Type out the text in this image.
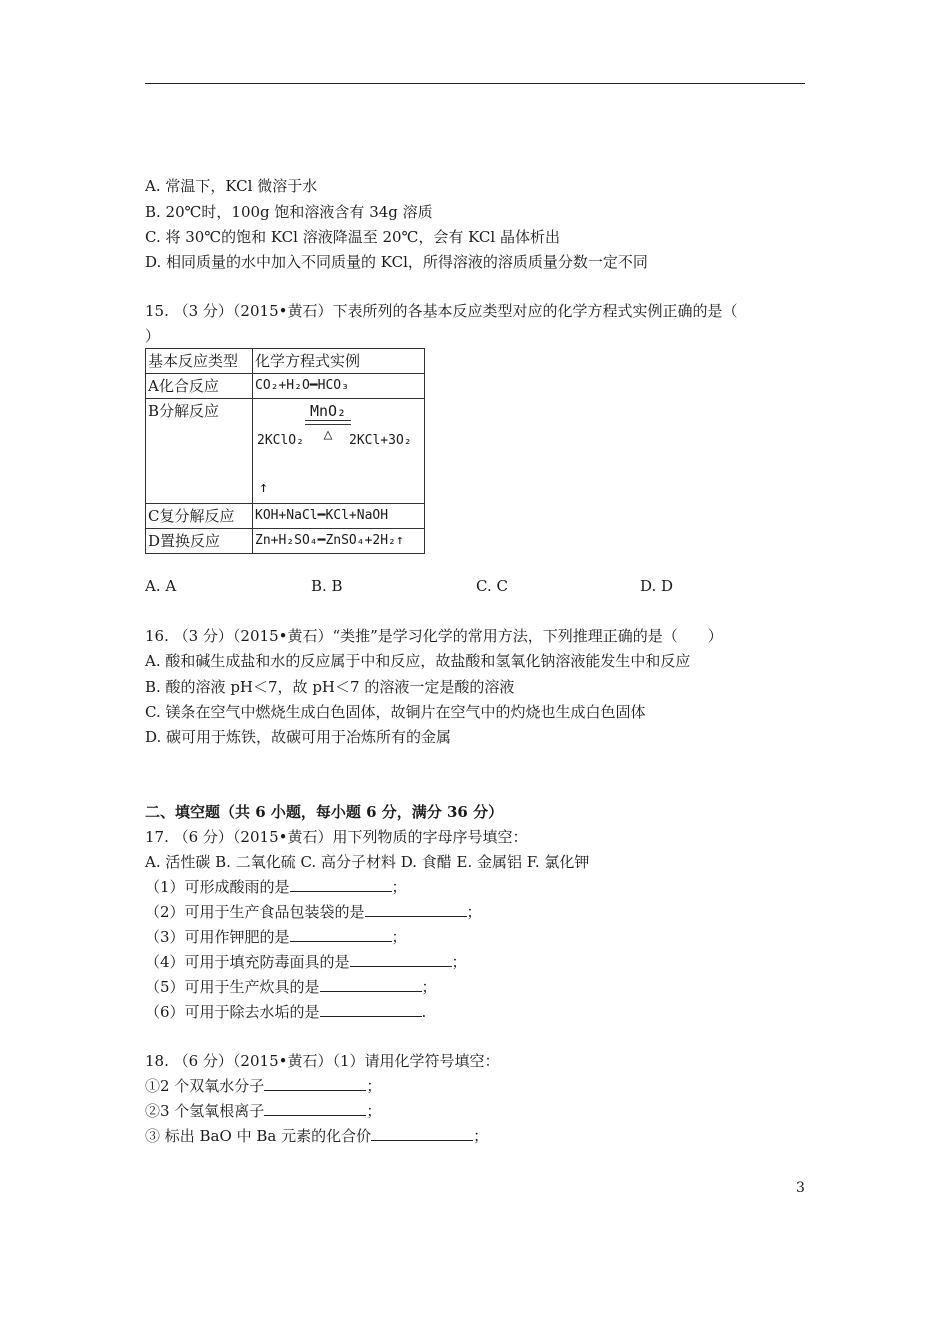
A. 常温下，KCl 微溶于水
B. 20℃时，100g 饱和溶液含有 34g 溶质
C. 将 30℃的饱和 KCl 溶液降温至 20℃，会有 KCl 晶体析出
D. 相同质量的水中加入不同质量的 KCl，所得溶液的溶质质量分数一定不同
15. （3 分）（2015•黄石）下表所列的各基本反应类型对应的化学方程式实例正确的是（
）
基本反应类型	化学方程式实例
A化合反应	CO₂+H₂O━HCO₃
B分解反应	2KClO₂
MnO₂
△ 2KCl+3O₂
↑

C复分解反应	KOH+NaCl━KCl+NaOH
D置换反应	Zn+H₂SO₄━ZnSO₄+2H₂↑
A. A	B. B	C. C	D. D
16. （3 分）（2015•黄石）“类推”是学习化学的常用方法，下列推理正确的是（　　）
A. 酸和碱生成盐和水的反应属于中和反应，故盐酸和氢氧化钠溶液能发生中和反应
B. 酸的溶液 pH＜7，故 pH＜7 的溶液一定是酸的溶液
C. 镁条在空气中燃烧生成白色固体，故铜片在空气中的灼烧也生成白色固体
D. 碳可用于炼铁，故碳可用于冶炼所有的金属
二、填空题（共 6 小题，每小题 6 分，满分 36 分）
17. （6 分）（2015•黄石）用下列物质的字母序号填空：
A. 活性碳 B. 二氧化硫 C. 高分子材料 D. 食醋 E. 金属铝 F. 氯化钾
（1）可形成酸雨的是	；
（2）可用于生产食品包装袋的是	；
（3）可用作钾肥的是	；
（4）可用于填充防毒面具的是	；
（5）可用于生产炊具的是	；
（6）可用于除去水垢的是	.
18. （6 分）（2015•黄石）（1）请用化学符号填空：
①2 个双氧水分子	；
②3 个氢氧根离子	；
③ 标出 BaO 中 Ba 元素的化合价	；
3
